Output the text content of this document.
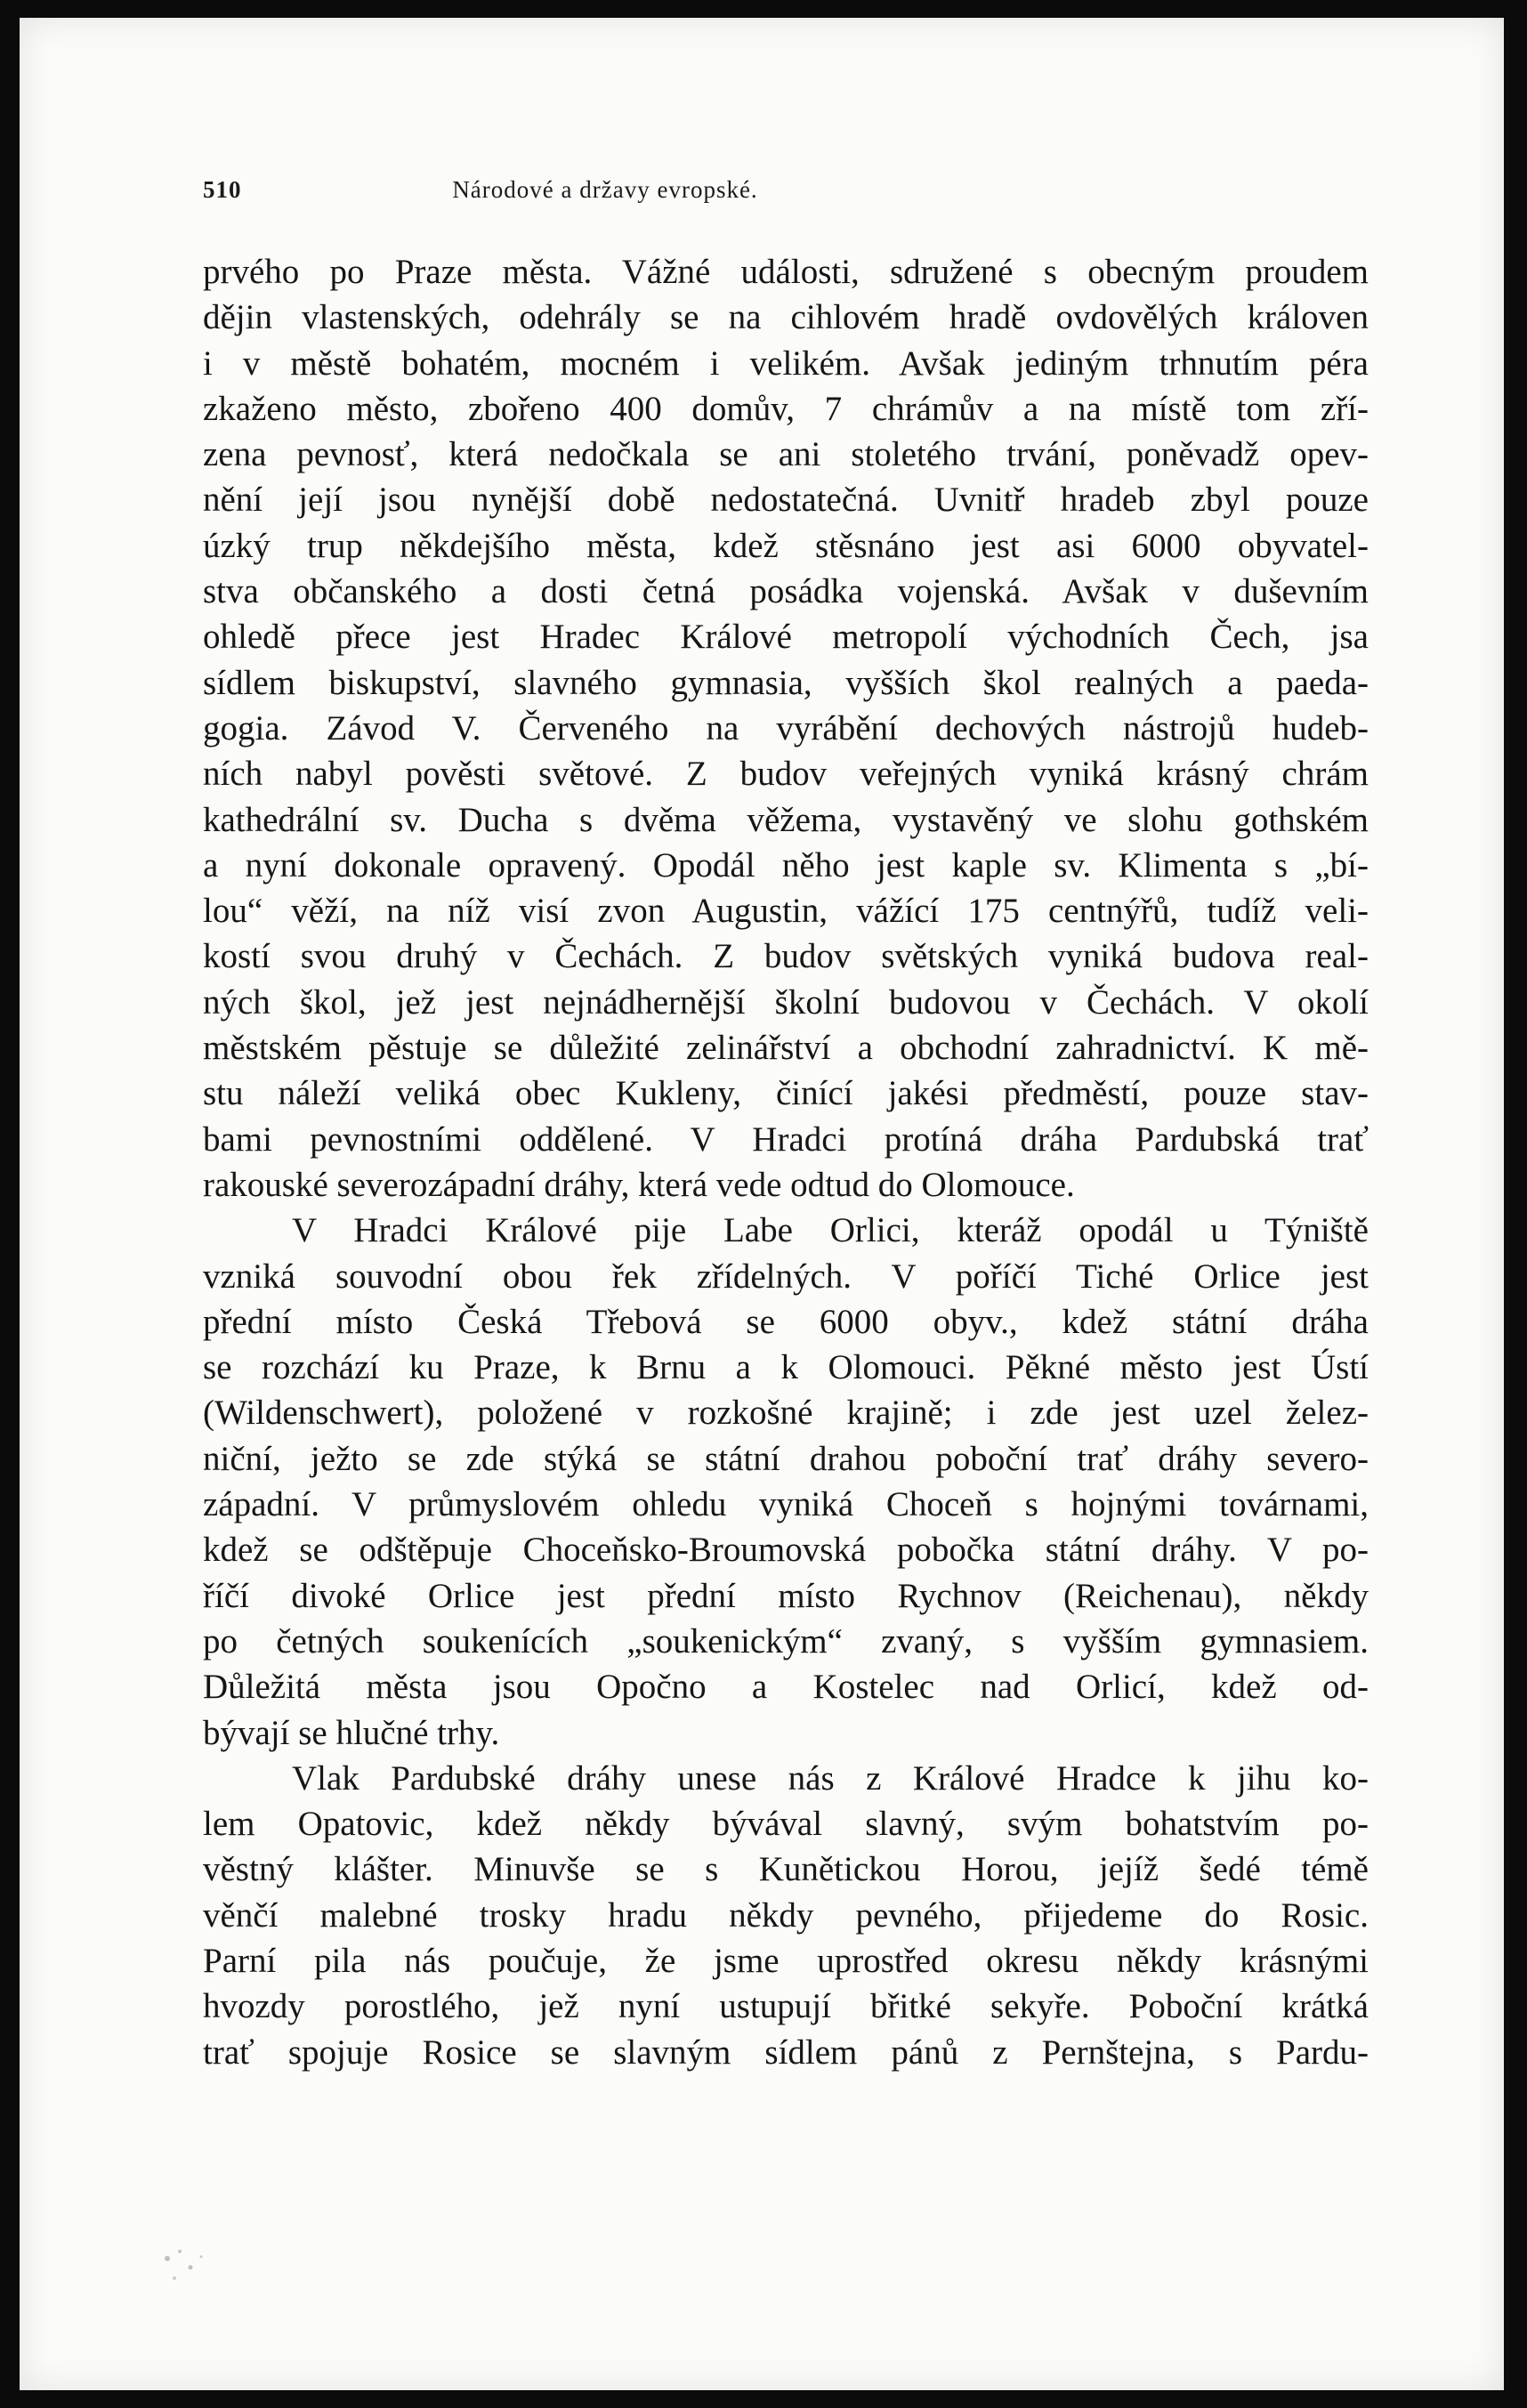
510	Národové a državy evropské.
prvého po Praze města. Vážné události, sdružené s obecným proudem
dějin vlastenských, odehrály se na cihlovém hradě ovdovělých královen
i v městě bohatém, mocném i velikém. Avšak jediným trhnutím péra
zkaženo město, zbořeno 400 domův, 7 chrámův a na místě tom zří-
zena pevnosť, která nedočkala se ani stoletého trvání, poněvadž opev-
nění její jsou nynější době nedostatečná. Uvnitř hradeb zbyl pouze
úzký trup někdejšího města, kdež stěsnáno jest asi 6000 obyvatel-
stva občanského a dosti četná posádka vojenská. Avšak v duševním
ohledě přece jest Hradec Králové metropolí východních Čech, jsa
sídlem biskupství, slavného gymnasia, vyšších škol realných a paeda-
gogia. Závod V. Červeného na vyrábění dechových nástrojů hudeb-
ních nabyl pověsti světové. Z budov veřejných vyniká krásný chrám
kathedrální sv. Ducha s dvěma věžema, vystavěný ve slohu gothském
a nyní dokonale opravený. Opodál něho jest kaple sv. Klimenta s „bí-
lou“ věží, na níž visí zvon Augustin, vážící 175 centnýřů, tudíž veli-
kostí svou druhý v Čechách. Z budov světských vyniká budova real-
ných škol, jež jest nejnádhernější školní budovou v Čechách. V okolí
městském pěstuje se důležité zelinářství a obchodní zahradnictví. K mě-
stu náleží veliká obec Kukleny, činící jakési předměstí, pouze stav-
bami pevnostními oddělené. V Hradci protíná dráha Pardubská trať
rakouské severozápadní dráhy, která vede odtud do Olomouce.
V Hradci Králové pije Labe Orlici, kteráž opodál u Týniště
vzniká souvodní obou řek zřídelných. V poříčí Tiché Orlice jest
přední místo Česká Třebová se 6000 obyv., kdež státní dráha
se rozchází ku Praze, k Brnu a k Olomouci. Pěkné město jest Ústí
(Wildenschwert), položené v rozkošné krajině; i zde jest uzel želez-
niční, ježto se zde stýká se státní drahou poboční trať dráhy severo-
západní. V průmyslovém ohledu vyniká Choceň s hojnými továrnami,
kdež se odštěpuje Choceňsko-Broumovská pobočka státní dráhy. V po-
říčí divoké Orlice jest přední místo Rychnov (Reichenau), někdy
po četných soukenících „soukenickým“ zvaný, s vyšším gymnasiem.
Důležitá města jsou Opočno a Kostelec nad Orlicí, kdež od-
bývají se hlučné trhy.
Vlak Pardubské dráhy unese nás z Králové Hradce k jihu ko-
lem Opatovic, kdež někdy bývával slavný, svým bohatstvím po-
věstný klášter. Minuvše se s Kunětickou Horou, jejíž šedé témě
věnčí malebné trosky hradu někdy pevného, přijedeme do Rosic.
Parní pila nás poučuje, že jsme uprostřed okresu někdy krásnými
hvozdy porostlého, jež nyní ustupují břitké sekyře. Poboční krátká
trať spojuje Rosice se slavným sídlem pánů z Pernštejna, s Pardu-
